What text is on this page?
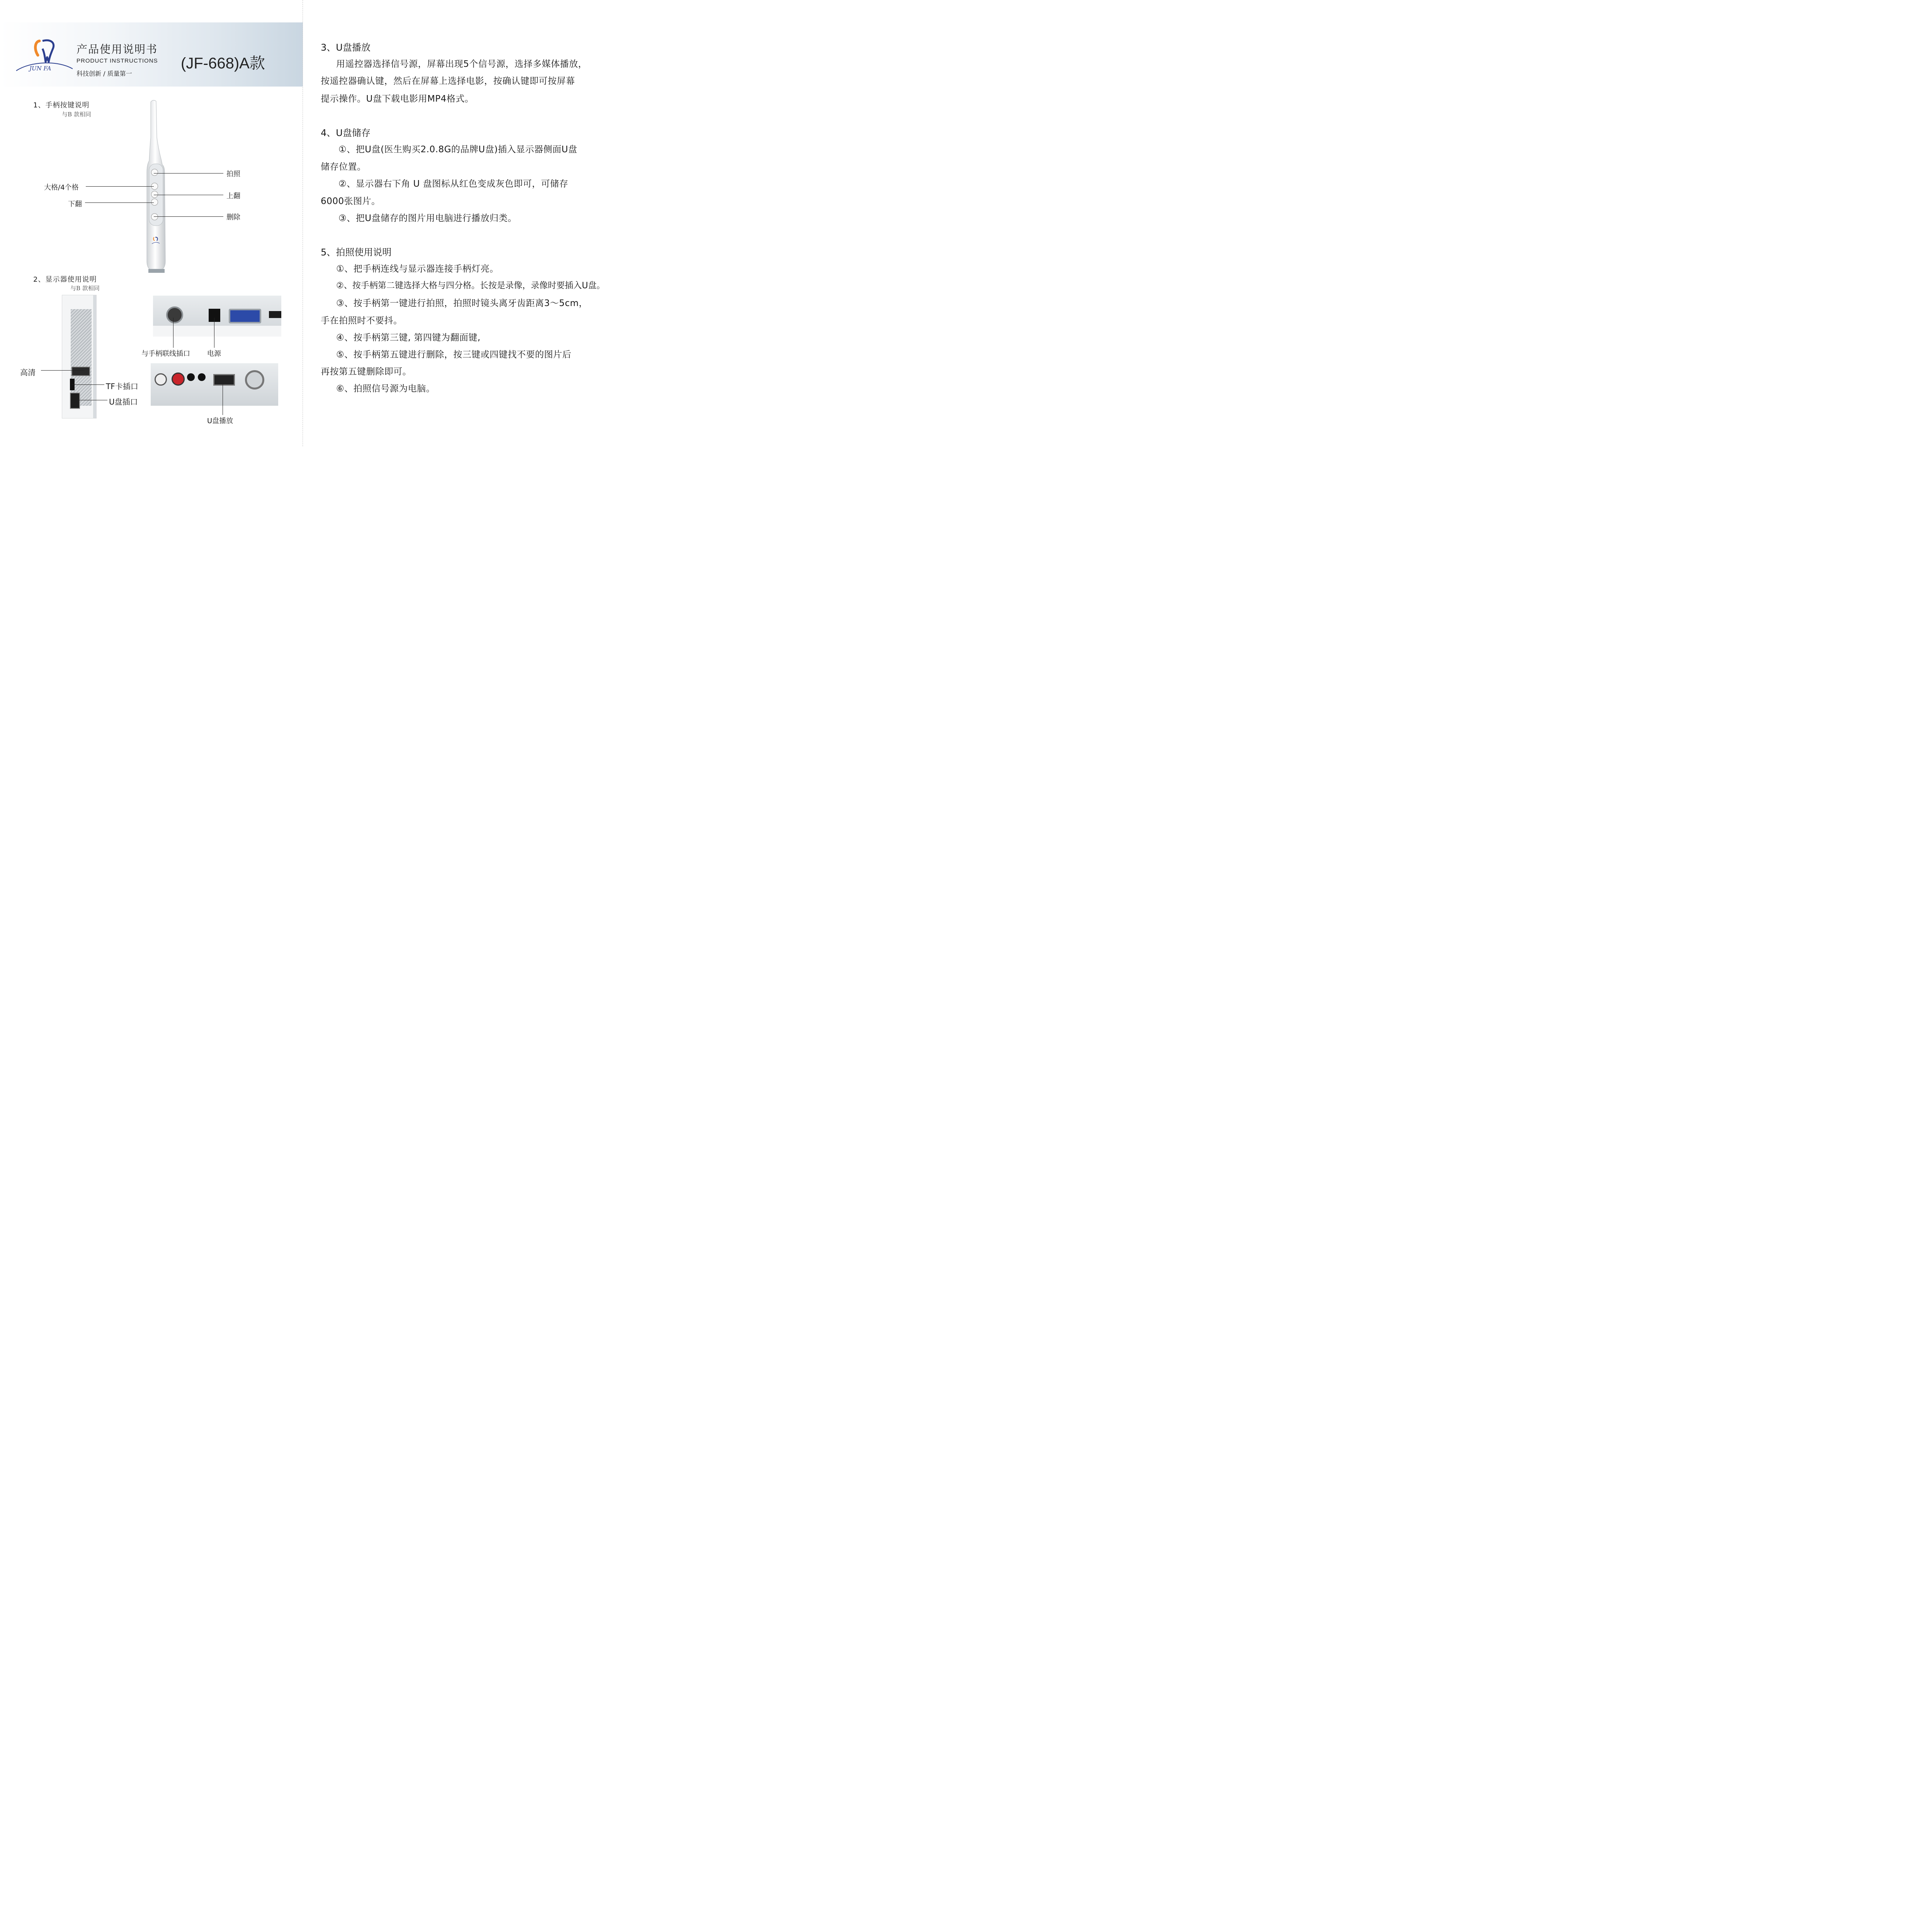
JUN FA
产品使用说明书
PRODUCT INSTRUCTIONS
科技创新 / 质量第一
(JF-668)A款
1、手柄按键说明
与B 款相同
拍照
大格/4个格
上翻
下翻
删除
2、显示器使用说明
与B 款相同
高清
TF卡插口
U盘插口
与手柄联线插口 电源
U盘播放
3、U盘播放
用遥控器选择信号源，屏幕出现5个信号源，选择多媒体播放，
按遥控器确认键，然后在屏幕上选择电影，按确认键即可按屏幕
提示操作。U盘下载电影用MP4格式。
4、U盘储存
①、把U盘(医生购买2.0.8G的品牌U盘)插入显示器侧面U盘
储存位置。
②、显示器右下角 U 盘图标从红色变成灰色即可，可储存
6000张图片。
③、把U盘储存的图片用电脑进行播放归类。
5、拍照使用说明
①、把手柄连线与显示器连接手柄灯亮。
②、按手柄第二键选择大格与四分格。长按是录像，录像时要插入U盘。
③、按手柄第一键进行拍照，拍照时镜头离牙齿距离3～5cm，
手在拍照时不要抖。
④、按手柄第三键, 第四键为翻面键,
⑤、按手柄第五键进行删除，按三键或四键找不要的图片后
再按第五键删除即可。
⑥、拍照信号源为电脑。
